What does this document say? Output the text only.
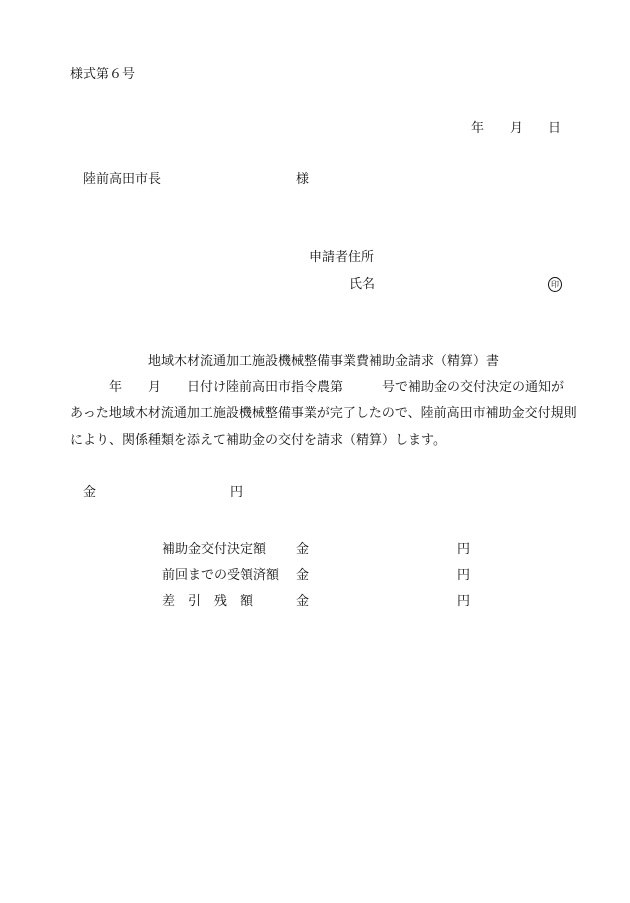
様式第６号
年 月 日
陸前高田市長	様
申請者住所
氏名	印
地域木材流通加工施設機械整備事業費補助金請求（精算）書
年　　月　　日付け陸前高田市指令農第　　　号で補助金の交付決定の通知が
あった地域木材流通加工施設機械整備事業が完了したので、陸前高田市補助金交付規則
により、関係種類を添えて補助金の交付を請求（精算）します。
金	円
補助金交付決定額 金	円
前回までの受領済額 金	円
差　引　残　額	金	円
